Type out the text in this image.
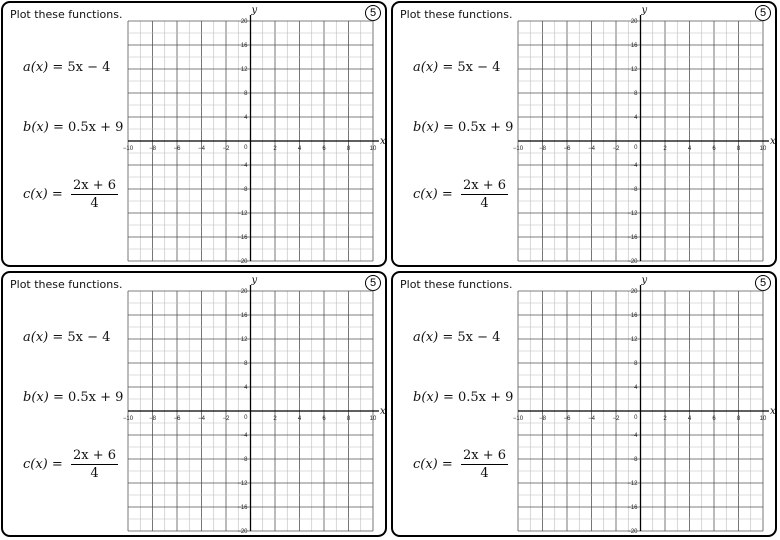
Plot these functions.	5
a(x) = 5x − 4
b(x) = 0.5x + 9
$c(x) = \frac{2x + 6}{4}$
−10	−8	−6	−4	−2	2	4	6	8	10
20
16
12
8
4
−4
−8
−12
−16
−20
0
x
y	Plot these functions.	5
a(x) = 5x − 4
b(x) = 0.5x + 9
$c(x) = \frac{2x + 6}{4}$
−10	−8	−6	−4	−2	2	4	6	8	10
20
16
12
8
4
−4
−8
−12
−16
−20
0
x
y
Plot these functions.	5
a(x) = 5x − 4
b(x) = 0.5x + 9
$c(x) = \frac{2x + 6}{4}$
−10	−8	−6	−4	−2	2	4	6	8	10
20
16
12
8
4
−4
−8
−12
−16
−20
0
x
y	Plot these functions.	5
a(x) = 5x − 4
b(x) = 0.5x + 9
$c(x) = \frac{2x + 6}{4}$
−10	−8	−6	−4	−2	2	4	6	8	10
20
16
12
8
4
−4
−8
−12
−16
−20
0
x
y
